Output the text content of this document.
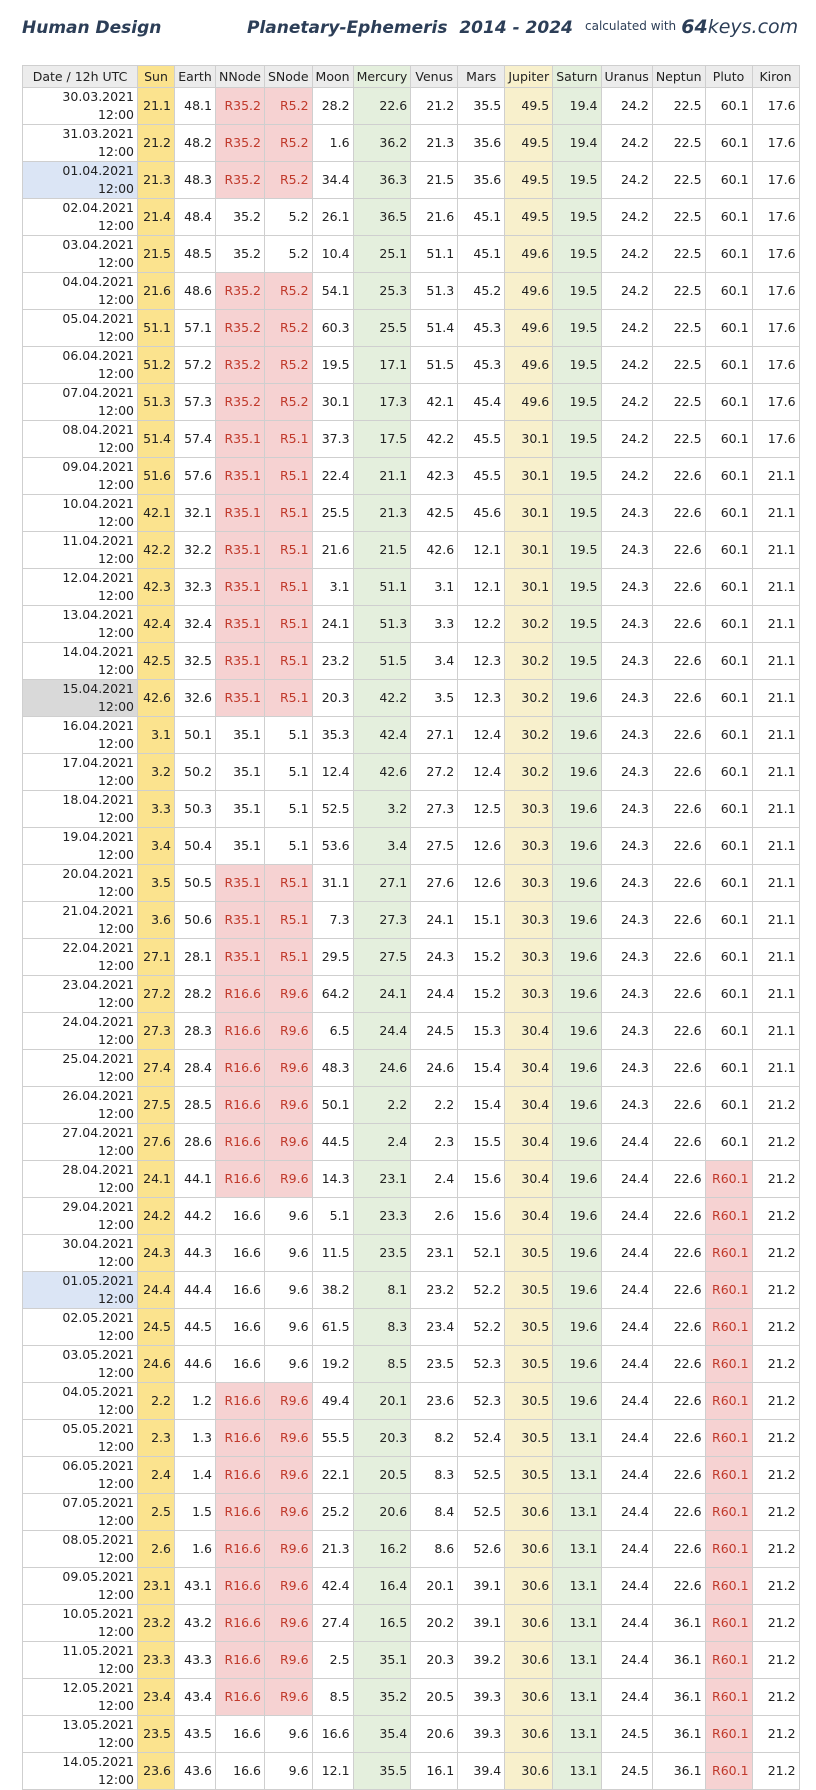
Human Design	Planetary-Ephemeris  2014 - 2024 calculated with 64keys.com
Date / 12h UTC	Sun	Earth	NNode	SNode	Moon	Mercury	Venus	Mars	Jupiter	Saturn	Uranus	Neptun	Pluto	Kiron
30.03.2021 12:00	21.1	48.1	R35.2	R5.2	28.2	22.6	21.2	35.5	49.5	19.4	24.2	22.5	60.1	17.6
31.03.2021 12:00	21.2	48.2	R35.2	R5.2	1.6	36.2	21.3	35.6	49.5	19.4	24.2	22.5	60.1	17.6
01.04.2021 12:00	21.3	48.3	R35.2	R5.2	34.4	36.3	21.5	35.6	49.5	19.5	24.2	22.5	60.1	17.6
02.04.2021 12:00	21.4	48.4	35.2	5.2	26.1	36.5	21.6	45.1	49.5	19.5	24.2	22.5	60.1	17.6
03.04.2021 12:00	21.5	48.5	35.2	5.2	10.4	25.1	51.1	45.1	49.6	19.5	24.2	22.5	60.1	17.6
04.04.2021 12:00	21.6	48.6	R35.2	R5.2	54.1	25.3	51.3	45.2	49.6	19.5	24.2	22.5	60.1	17.6
05.04.2021 12:00	51.1	57.1	R35.2	R5.2	60.3	25.5	51.4	45.3	49.6	19.5	24.2	22.5	60.1	17.6
06.04.2021 12:00	51.2	57.2	R35.2	R5.2	19.5	17.1	51.5	45.3	49.6	19.5	24.2	22.5	60.1	17.6
07.04.2021 12:00	51.3	57.3	R35.2	R5.2	30.1	17.3	42.1	45.4	49.6	19.5	24.2	22.5	60.1	17.6
08.04.2021 12:00	51.4	57.4	R35.1	R5.1	37.3	17.5	42.2	45.5	30.1	19.5	24.2	22.5	60.1	17.6
09.04.2021 12:00	51.6	57.6	R35.1	R5.1	22.4	21.1	42.3	45.5	30.1	19.5	24.2	22.6	60.1	21.1
10.04.2021 12:00	42.1	32.1	R35.1	R5.1	25.5	21.3	42.5	45.6	30.1	19.5	24.3	22.6	60.1	21.1
11.04.2021 12:00	42.2	32.2	R35.1	R5.1	21.6	21.5	42.6	12.1	30.1	19.5	24.3	22.6	60.1	21.1
12.04.2021 12:00	42.3	32.3	R35.1	R5.1	3.1	51.1	3.1	12.1	30.1	19.5	24.3	22.6	60.1	21.1
13.04.2021 12:00	42.4	32.4	R35.1	R5.1	24.1	51.3	3.3	12.2	30.2	19.5	24.3	22.6	60.1	21.1
14.04.2021 12:00	42.5	32.5	R35.1	R5.1	23.2	51.5	3.4	12.3	30.2	19.5	24.3	22.6	60.1	21.1
15.04.2021 12:00	42.6	32.6	R35.1	R5.1	20.3	42.2	3.5	12.3	30.2	19.6	24.3	22.6	60.1	21.1
16.04.2021 12:00	3.1	50.1	35.1	5.1	35.3	42.4	27.1	12.4	30.2	19.6	24.3	22.6	60.1	21.1
17.04.2021 12:00	3.2	50.2	35.1	5.1	12.4	42.6	27.2	12.4	30.2	19.6	24.3	22.6	60.1	21.1
18.04.2021 12:00	3.3	50.3	35.1	5.1	52.5	3.2	27.3	12.5	30.3	19.6	24.3	22.6	60.1	21.1
19.04.2021 12:00	3.4	50.4	35.1	5.1	53.6	3.4	27.5	12.6	30.3	19.6	24.3	22.6	60.1	21.1
20.04.2021 12:00	3.5	50.5	R35.1	R5.1	31.1	27.1	27.6	12.6	30.3	19.6	24.3	22.6	60.1	21.1
21.04.2021 12:00	3.6	50.6	R35.1	R5.1	7.3	27.3	24.1	15.1	30.3	19.6	24.3	22.6	60.1	21.1
22.04.2021 12:00	27.1	28.1	R35.1	R5.1	29.5	27.5	24.3	15.2	30.3	19.6	24.3	22.6	60.1	21.1
23.04.2021 12:00	27.2	28.2	R16.6	R9.6	64.2	24.1	24.4	15.2	30.3	19.6	24.3	22.6	60.1	21.1
24.04.2021 12:00	27.3	28.3	R16.6	R9.6	6.5	24.4	24.5	15.3	30.4	19.6	24.3	22.6	60.1	21.1
25.04.2021 12:00	27.4	28.4	R16.6	R9.6	48.3	24.6	24.6	15.4	30.4	19.6	24.3	22.6	60.1	21.1
26.04.2021 12:00	27.5	28.5	R16.6	R9.6	50.1	2.2	2.2	15.4	30.4	19.6	24.3	22.6	60.1	21.2
27.04.2021 12:00	27.6	28.6	R16.6	R9.6	44.5	2.4	2.3	15.5	30.4	19.6	24.4	22.6	60.1	21.2
28.04.2021 12:00	24.1	44.1	R16.6	R9.6	14.3	23.1	2.4	15.6	30.4	19.6	24.4	22.6	R60.1	21.2
29.04.2021 12:00	24.2	44.2	16.6	9.6	5.1	23.3	2.6	15.6	30.4	19.6	24.4	22.6	R60.1	21.2
30.04.2021 12:00	24.3	44.3	16.6	9.6	11.5	23.5	23.1	52.1	30.5	19.6	24.4	22.6	R60.1	21.2
01.05.2021 12:00	24.4	44.4	16.6	9.6	38.2	8.1	23.2	52.2	30.5	19.6	24.4	22.6	R60.1	21.2
02.05.2021 12:00	24.5	44.5	16.6	9.6	61.5	8.3	23.4	52.2	30.5	19.6	24.4	22.6	R60.1	21.2
03.05.2021 12:00	24.6	44.6	16.6	9.6	19.2	8.5	23.5	52.3	30.5	19.6	24.4	22.6	R60.1	21.2
04.05.2021 12:00	2.2	1.2	R16.6	R9.6	49.4	20.1	23.6	52.3	30.5	19.6	24.4	22.6	R60.1	21.2
05.05.2021 12:00	2.3	1.3	R16.6	R9.6	55.5	20.3	8.2	52.4	30.5	13.1	24.4	22.6	R60.1	21.2
06.05.2021 12:00	2.4	1.4	R16.6	R9.6	22.1	20.5	8.3	52.5	30.5	13.1	24.4	22.6	R60.1	21.2
07.05.2021 12:00	2.5	1.5	R16.6	R9.6	25.2	20.6	8.4	52.5	30.6	13.1	24.4	22.6	R60.1	21.2
08.05.2021 12:00	2.6	1.6	R16.6	R9.6	21.3	16.2	8.6	52.6	30.6	13.1	24.4	22.6	R60.1	21.2
09.05.2021 12:00	23.1	43.1	R16.6	R9.6	42.4	16.4	20.1	39.1	30.6	13.1	24.4	22.6	R60.1	21.2
10.05.2021 12:00	23.2	43.2	R16.6	R9.6	27.4	16.5	20.2	39.1	30.6	13.1	24.4	36.1	R60.1	21.2
11.05.2021 12:00	23.3	43.3	R16.6	R9.6	2.5	35.1	20.3	39.2	30.6	13.1	24.4	36.1	R60.1	21.2
12.05.2021 12:00	23.4	43.4	R16.6	R9.6	8.5	35.2	20.5	39.3	30.6	13.1	24.4	36.1	R60.1	21.2
13.05.2021 12:00	23.5	43.5	16.6	9.6	16.6	35.4	20.6	39.3	30.6	13.1	24.5	36.1	R60.1	21.2
14.05.2021 12:00	23.6	43.6	16.6	9.6	12.1	35.5	16.1	39.4	30.6	13.1	24.5	36.1	R60.1	21.2
